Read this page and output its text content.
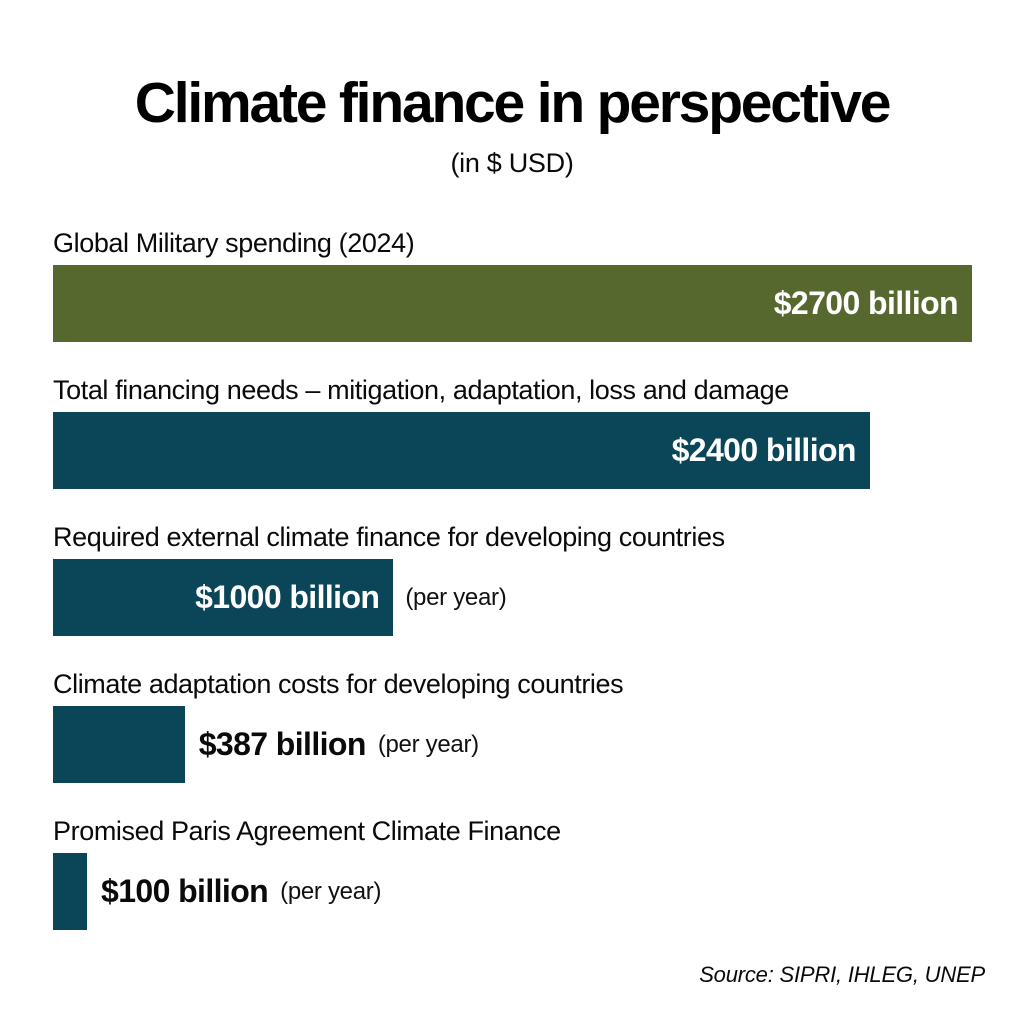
Climate finance in perspective
(in $ USD)
Global Military spending (2024)
$2700 billion
Total financing needs – mitigation, adaptation, loss and damage
$2400 billion
Required external climate finance for developing countries
$1000 billion (per year)
Climate adaptation costs for developing countries
$387 billion (per year)
Promised Paris Agreement Climate Finance
$100 billion (per year)
Source: SIPRI, IHLEG, UNEP
